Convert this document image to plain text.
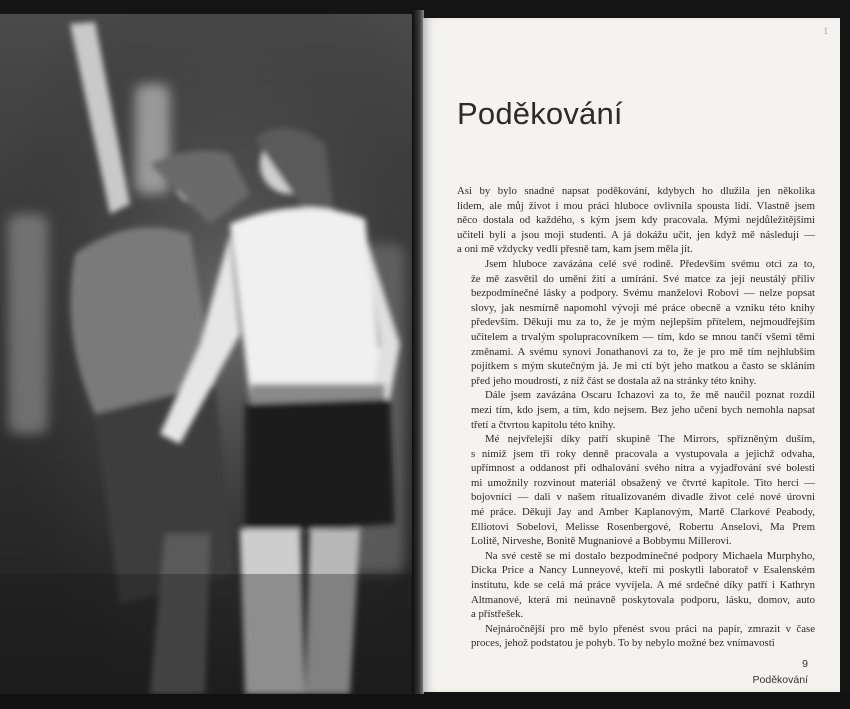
1
Poděkování

Asi by bylo snadné napsat poděkování, kdybych ho dlužila jen několika
lidem, ale můj život i mou práci hluboce ovlivnila spousta lidí. Vlastně jsem
něco dostala od každého, s kým jsem kdy pracovala. Mými nejdůležitějšími
učiteli byli a jsou moji studenti. A já dokážu učit, jen když mě následují —
a oni mě vždycky vedli přesně tam, kam jsem měla jít.

Jsem hluboce zavázána celé své rodině. Především svému otci za to,
že mě zasvětil do umění žití a umírání. Své matce za její neustálý příliv
bezpodmínečné lásky a podpory. Svému manželovi Robovi — nelze popsat
slovy, jak nesmírně napomohl vývoji mé práce obecně a vzniku této knihy
především. Děkuji mu za to, že je mým nejlepším přítelem, nejmoudřejším
učitelem a trvalým spolupracovníkem — tím, kdo se mnou tančí všemi těmi
změnami. A svému synovi Jonathanovi za to, že je pro mě tím nejhlubším
pojítkem s mým skutečným já. Je mi ctí být jeho matkou a často se skláním
před jeho moudrostí, z níž část se dostala až na stránky této knihy.

Dále jsem zavázána Oscaru Ichazovi za to, že mě naučil poznat rozdíl
mezi tím, kdo jsem, a tím, kdo nejsem. Bez jeho učení bych nemohla napsat
třetí a čtvrtou kapitolu této knihy.

Mé nejvřelejší díky patří skupině The Mirrors, spřízněným duším,
s nimiž jsem tři roky denně pracovala a vystupovala a jejichž odvaha,
upřímnost a oddanost při odhalování svého nitra a vyjadřování své bolesti
mi umožnily rozvinout materiál obsažený ve čtvrté kapitole. Tito herci —
bojovníci — dali v našem ritualizovaném divadle život celé nové úrovni
mé práce. Děkuji Jay and Amber Kaplanovým, Martě Clarkové Peabody,
Elliotovi Sobelovi, Melisse Rosenbergové, Robertu Anselovi, Ma Prem
Lolitě, Nirveshe, Bonitě Mugnaniové a Bobbymu Millerovi.

Na své cestě se mi dostalo bezpodmínečné podpory Michaela Murphyho,
Dicka Price a Nancy Lunneyové, kteří mi poskytli laboratoř v Esalenském
institutu, kde se celá má práce vyvíjela. A mé srdečné díky patří i Kathryn
Altmanové, která mi neúnavně poskytovala podporu, lásku, domov, auto
a přístřešek.

Nejnáročnější pro mě bylo přenést svou práci na papír, zmrazit v čase
proces, jehož podstatou je pohyb. To by nebylo možné bez vnímavosti

9
Poděkování
